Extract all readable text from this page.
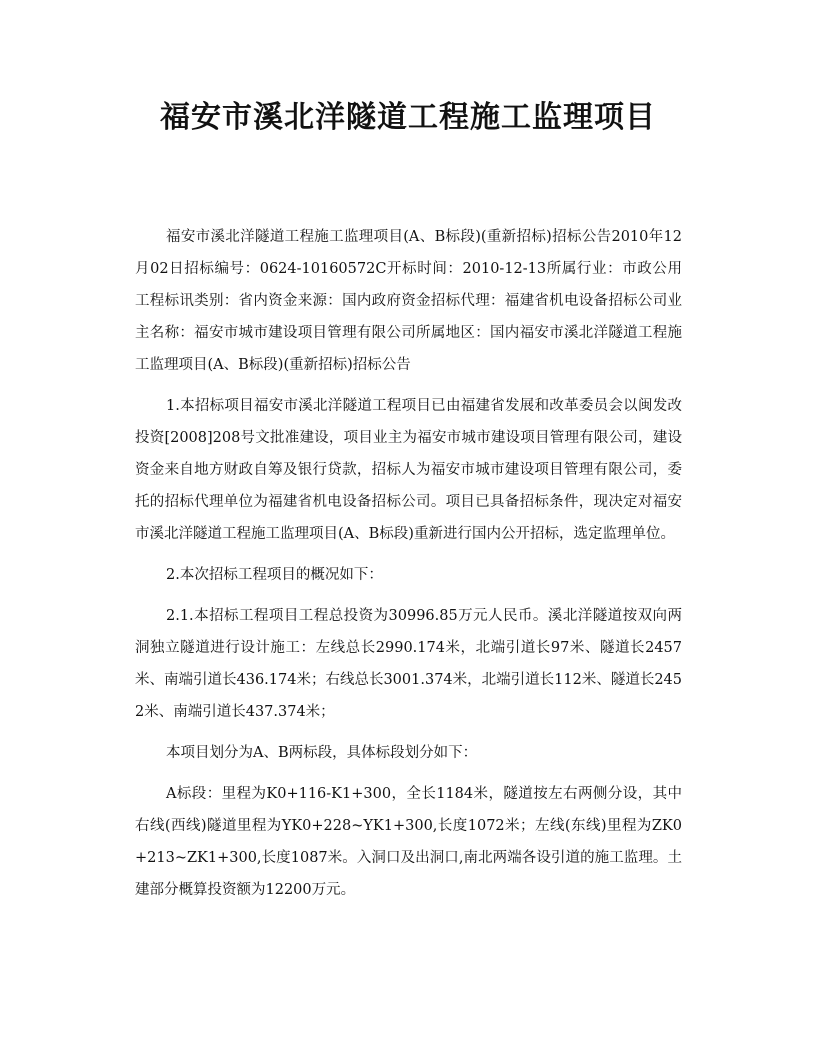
福安市溪北洋隧道工程施工监理项目

福安市溪北洋隧道工程施工监理项目(A、B标段)(重新招标)招标公告2010年12月02日招标编号：0624-10160572C开标时间：2010-12-13所属行业：市政公用工程标讯类别：省内资金来源：国内政府资金招标代理：福建省机电设备招标公司业主名称：福安市城市建设项目管理有限公司所属地区：国内福安市溪北洋隧道工程施工监理项目(A、B标段)(重新招标)招标公告

1.本招标项目福安市溪北洋隧道工程项目已由福建省发展和改革委员会以闽发改投资[2008]208号文批准建设，项目业主为福安市城市建设项目管理有限公司，建设资金来自地方财政自筹及银行贷款，招标人为福安市城市建设项目管理有限公司，委托的招标代理单位为福建省机电设备招标公司。项目已具备招标条件，现决定对福安市溪北洋隧道工程施工监理项目(A、B标段)重新进行国内公开招标，选定监理单位。

2.本次招标工程项目的概况如下：

2.1.本招标工程项目工程总投资为30996.85万元人民币。溪北洋隧道按双向两洞独立隧道进行设计施工：左线总长2990.174米，北端引道长97米、隧道长2457米、南端引道长436.174米；右线总长3001.374米，北端引道长112米、隧道长2452米、南端引道长437.374米；

本项目划分为A、B两标段，具体标段划分如下：

A标段：里程为K0+116-K1+300，全长1184米，隧道按左右两侧分设，其中右线(西线)隧道里程为YK0+228~YK1+300,长度1072米；左线(东线)里程为ZK0+213~ZK1+300,长度1087米。入洞口及出洞口,南北两端各设引道的施工监理。土建部分概算投资额为12200万元。
